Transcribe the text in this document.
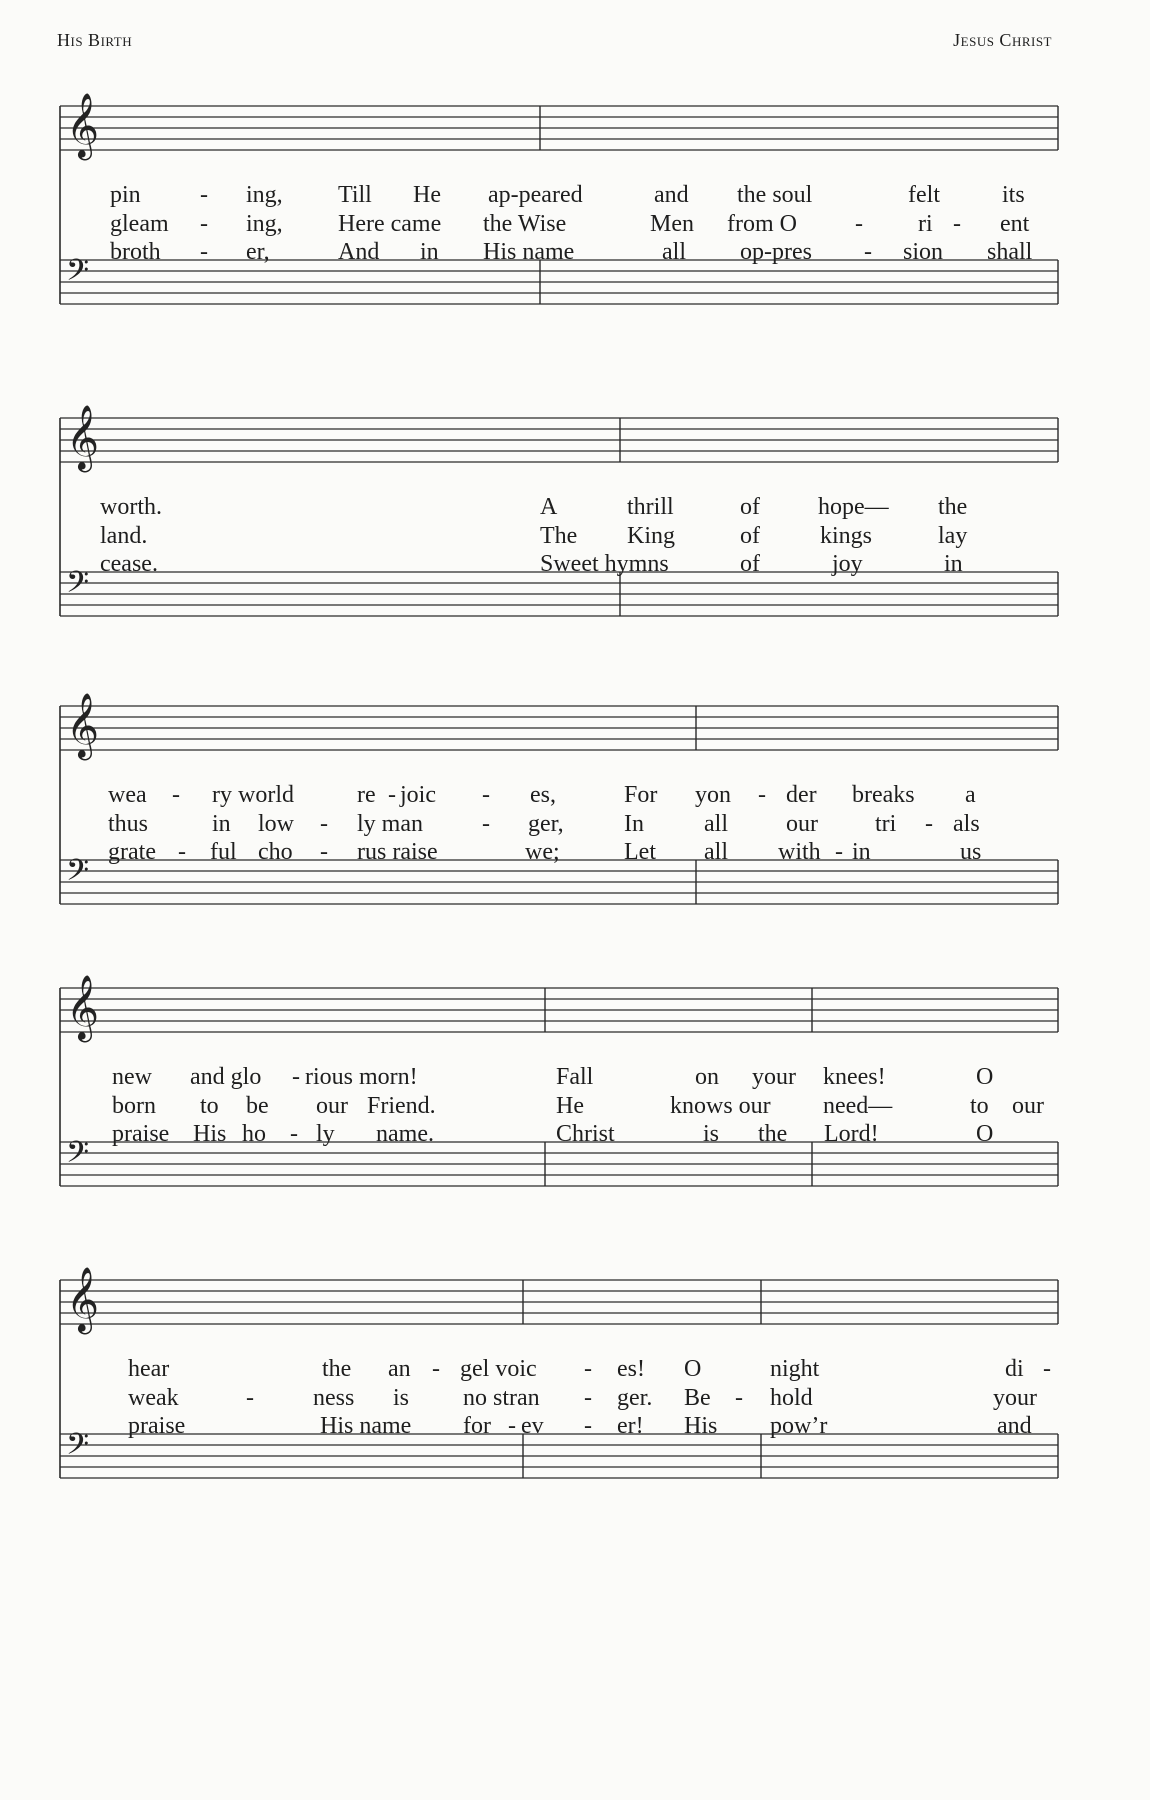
His Birth	Jesus Christ
𝄞
𝄢
pin - ing, Till He ap-peared	and the soul	felt	its
gleam - ing, Here came the Wise	Men from O - ri - ent
broth - er,	And in His name	all op-pres - sion shall
𝄞
𝄢
worth.	A	thrill	of hope— the
land.	The King	of	kings	lay
cease.	Sweet hymns	of	joy	in
𝄞
𝄢
wea - ry world	re - joic - es,	For yon - der breaks a
thus	in low - ly man - ger,	In	all our tri - als
grate - ful cho - rus raise	we;	Let all with - in	us
𝄞
𝄢
new and glo - rious morn!	Fall	on your knees!	O
born to be our Friend.	He	knows our need—	to our
praise His ho - ly name.	Christ	is the Lord!	O
𝄞
𝄢
hear	the an - gel voic - es! O	night	di -
weak	- ness is no stran - ger. Be - hold	your
praise	His name for - ev - er! His pow’r	and
